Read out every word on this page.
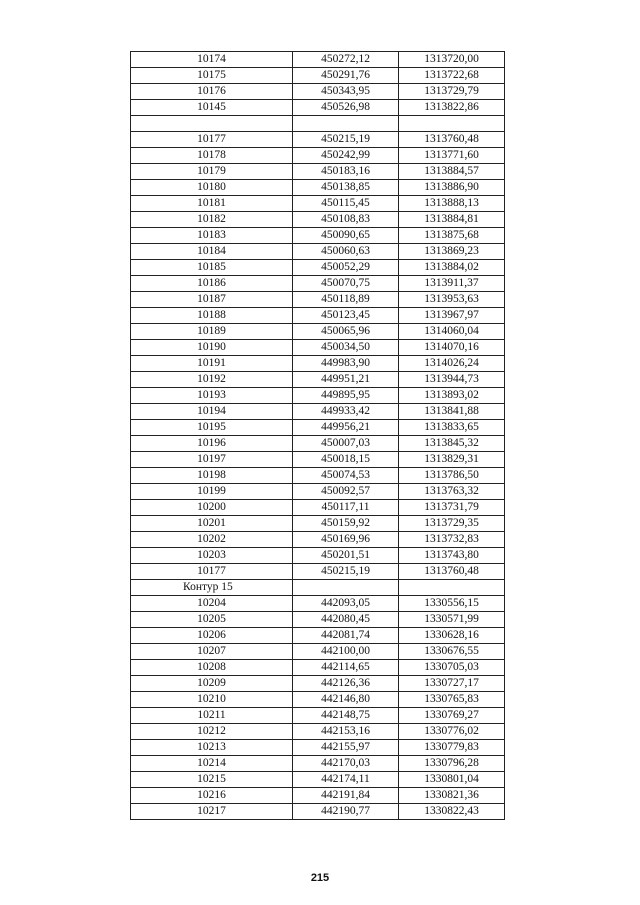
10174	450272,12	1313720,00
10175	450291,76	1313722,68
10176	450343,95	1313729,79
10145	450526,98	1313822,86

10177	450215,19	1313760,48
10178	450242,99	1313771,60
10179	450183,16	1313884,57
10180	450138,85	1313886,90
10181	450115,45	1313888,13
10182	450108,83	1313884,81
10183	450090,65	1313875,68
10184	450060,63	1313869,23
10185	450052,29	1313884,02
10186	450070,75	1313911,37
10187	450118,89	1313953,63
10188	450123,45	1313967,97
10189	450065,96	1314060,04
10190	450034,50	1314070,16
10191	449983,90	1314026,24
10192	449951,21	1313944,73
10193	449895,95	1313893,02
10194	449933,42	1313841,88
10195	449956,21	1313833,65
10196	450007,03	1313845,32
10197	450018,15	1313829,31
10198	450074,53	1313786,50
10199	450092,57	1313763,32
10200	450117,11	1313731,79
10201	450159,92	1313729,35
10202	450169,96	1313732,83
10203	450201,51	1313743,80
10177	450215,19	1313760,48
Контур 15		
10204	442093,05	1330556,15
10205	442080,45	1330571,99
10206	442081,74	1330628,16
10207	442100,00	1330676,55
10208	442114,65	1330705,03
10209	442126,36	1330727,17
10210	442146,80	1330765,83
10211	442148,75	1330769,27
10212	442153,16	1330776,02
10213	442155,97	1330779,83
10214	442170,03	1330796,28
10215	442174,11	1330801,04
10216	442191,84	1330821,36
10217	442190,77	1330822,43
215
